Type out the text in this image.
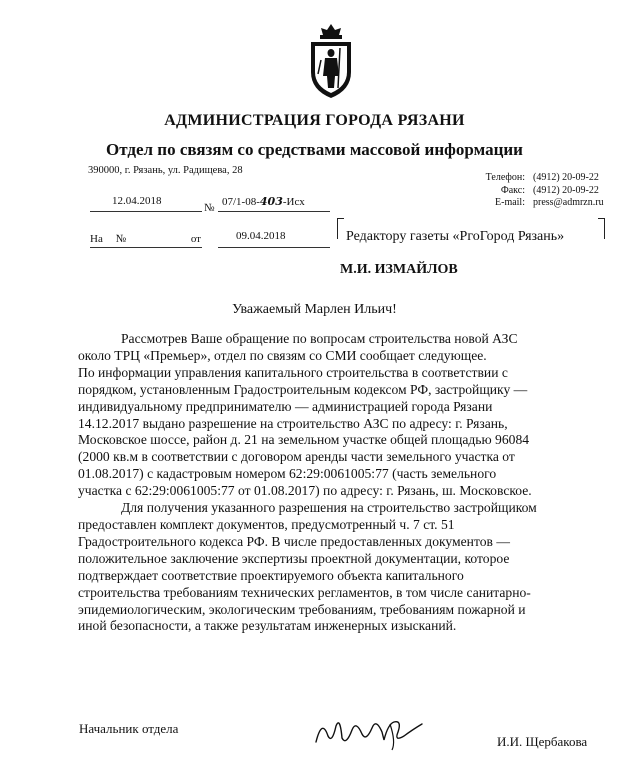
АДМИНИСТРАЦИЯ ГОРОДА РЯЗАНИ
Отдел по связям со средствами массовой информации
390000, г. Рязань, ул. Радищева, 28
Телефон: (4912) 20-09-22
Факс: (4912) 20-09-22
E-mail: press@admrzn.ru
12.04.2018
№ 07/1-08-403-Исх
На №	от	09.04.2018	Редактору газеты «PгоГород Рязань»
М.И. ИЗМАЙЛОВ
Уважаемый Марлен Ильич!

Рассмотрев Ваше обращение по вопросам строительства новой АЗС

около ТРЦ «Премьер», отдел по связям со СМИ сообщает следующее.

По информации управления капитального строительства в соответствии с

порядком, установленным Градостроительным кодексом РФ, застройщику —

индивидуальному предпринимателю — администрацией города Рязани

14.12.2017 выдано разрешение на строительство АЗС по адресу: г. Рязань,

Московское шоссе, район д. 21 на земельном участке общей площадью 96084

(2000 кв.м в соответствии с договором аренды части земельного участка от

01.08.2017) с кадастровым номером 62:29:0061005:77 (часть земельного

участка с 62:29:0061005:77 от 01.08.2017) по адресу: г. Рязань, ш. Московское.

Для получения указанного разрешения на строительство застройщиком

предоставлен комплект документов, предусмотренный ч. 7 ст. 51

Градостроительного кодекса РФ. В числе предоставленных документов —

положительное заключение экспертизы проектной документации, которое

подтверждает соответствие проектируемого объекта капитального

строительства требованиям технических регламентов, в том числе санитарно-

эпидемиологическим, экологическим требованиям, требованиям пожарной и

иной безопасности, а также результатам инженерных изысканий.

Начальник отдела
И.И. Щербакова
